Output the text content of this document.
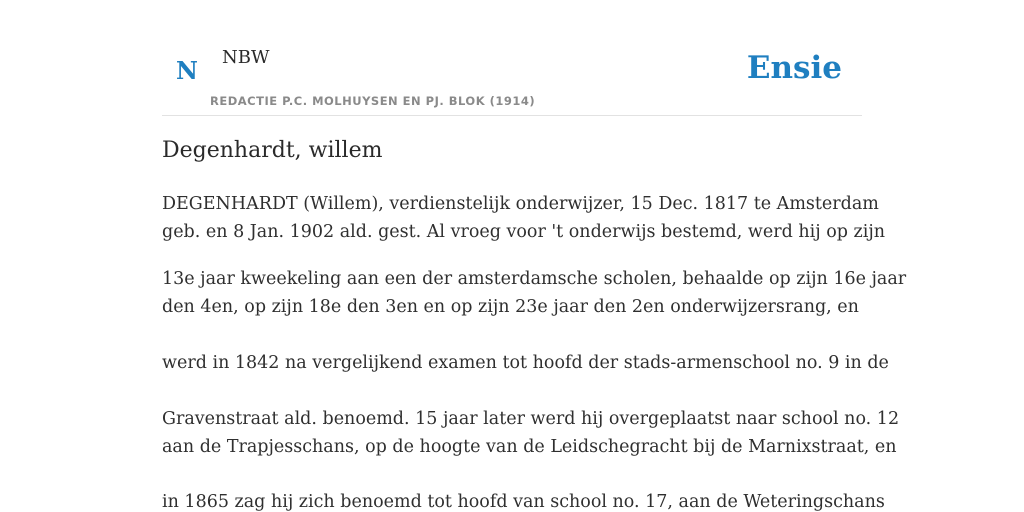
N NBW
REDACTIE P.C. MOLHUYSEN EN PJ. BLOK (1914)
Ensie
Degenhardt, willem
DEGENHARDT (Willem), verdienstelijk onderwijzer, 15 Dec. 1817 te Amsterdam
geb. en 8 Jan. 1902 ald. gest. Al vroeg voor 't onderwijs bestemd, werd hij op zijn
13e jaar kweekeling aan een der amsterdamsche scholen, behaalde op zijn 16e jaar
den 4en, op zijn 18e den 3en en op zijn 23e jaar den 2en onderwijzersrang, en
werd in 1842 na vergelijkend examen tot hoofd der stads-armenschool no. 9 in de
Gravenstraat ald. benoemd. 15 jaar later werd hij overgeplaatst naar school no. 12
aan de Trapjesschans, op de hoogte van de Leidschegracht bij de Marnixstraat, en
in 1865 zag hij zich benoemd tot hoofd van school no. 17, aan de Weteringschans
